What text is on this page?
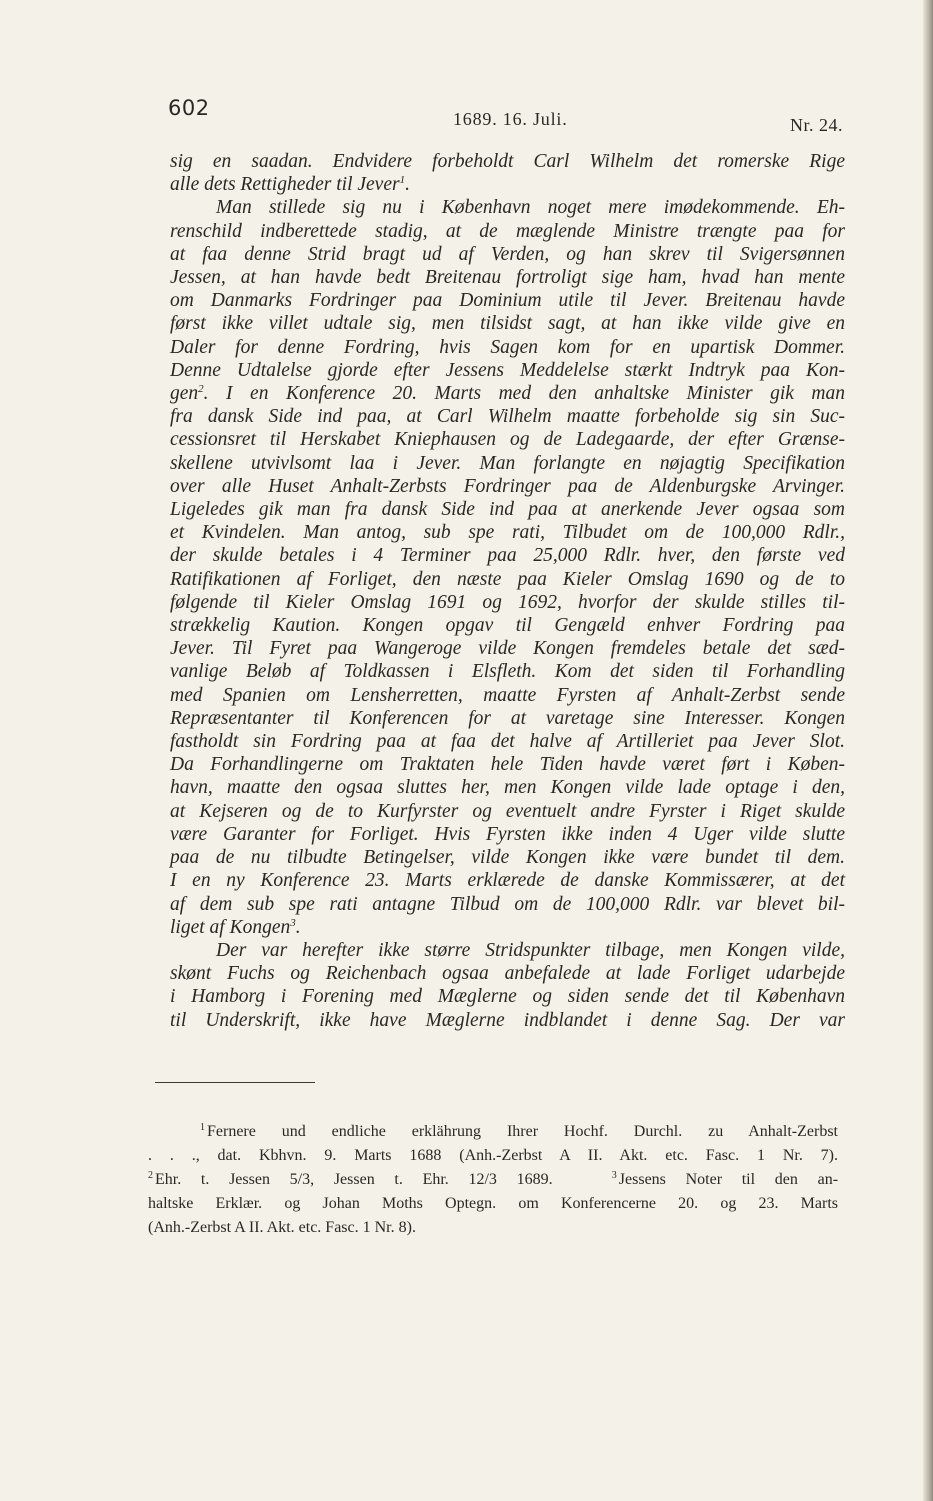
602	1689. 16. Juli.	Nr. 24.
sig en saadan. Endvidere forbeholdt Carl Wilhelm det romerske Rige
alle dets Rettigheder til Jever$^1$.
Man stillede sig nu i København noget mere imødekommende. Eh-
renschild indberettede stadig, at de mæglende Ministre trængte paa for
at faa denne Strid bragt ud af Verden, og han skrev til Svigersønnen
Jessen, at han havde bedt Breitenau fortroligt sige ham, hvad han mente
om Danmarks Fordringer paa Dominium utile til Jever. Breitenau havde
først ikke villet udtale sig, men tilsidst sagt, at han ikke vilde give en
Daler for denne Fordring, hvis Sagen kom for en upartisk Dommer.
Denne Udtalelse gjorde efter Jessens Meddelelse stærkt Indtryk paa Kon-
gen$^2$. I en Konference 20. Marts med den anhaltske Minister gik man
fra dansk Side ind paa, at Carl Wilhelm maatte forbeholde sig sin Suc-
cessionsret til Herskabet Kniephausen og de Ladegaarde, der efter Grænse-
skellene utvivlsomt laa i Jever. Man forlangte en nøjagtig Specifikation
over alle Huset Anhalt-Zerbsts Fordringer paa de Aldenburgske Arvinger.
Ligeledes gik man fra dansk Side ind paa at anerkende Jever ogsaa som
et Kvindelen. Man antog, sub spe rati, Tilbudet om de 100,000 Rdlr.,
der skulde betales i 4 Terminer paa 25,000 Rdlr. hver, den første ved
Ratifikationen af Forliget, den næste paa Kieler Omslag 1690 og de to
følgende til Kieler Omslag 1691 og 1692, hvorfor der skulde stilles til-
strækkelig Kaution. Kongen opgav til Gengæld enhver Fordring paa
Jever. Til Fyret paa Wangeroge vilde Kongen fremdeles betale det sæd-
vanlige Beløb af Toldkassen i Elsfleth. Kom det siden til Forhandling
med Spanien om Lensherretten, maatte Fyrsten af Anhalt-Zerbst sende
Repræsentanter til Konferencen for at varetage sine Interesser. Kongen
fastholdt sin Fordring paa at faa det halve af Artilleriet paa Jever Slot.
Da Forhandlingerne om Traktaten hele Tiden havde været ført i Køben-
havn, maatte den ogsaa sluttes her, men Kongen vilde lade optage i den,
at Kejseren og de to Kurfyrster og eventuelt andre Fyrster i Riget skulde
være Garanter for Forliget. Hvis Fyrsten ikke inden 4 Uger vilde slutte
paa de nu tilbudte Betingelser, vilde Kongen ikke være bundet til dem.
I en ny Konference 23. Marts erklærede de danske Kommissærer, at det
af dem sub spe rati antagne Tilbud om de 100,000 Rdlr. var blevet bil-
liget af Kongen$^3$.
Der var herefter ikke større Stridspunkter tilbage, men Kongen vilde,
skønt Fuchs og Reichenbach ogsaa anbefalede at lade Forliget udarbejde
i Hamborg i Forening med Mæglerne og siden sende det til København
til Underskrift, ikke have Mæglerne indblandet i denne Sag. Der var
$^1$ Fernere und endliche erklährung Ihrer Hochf. Durchl. zu Anhalt-Zerbst
. . ., dat. Kbhvn. 9. Marts 1688 (Anh.-Zerbst A II. Akt. etc. Fasc. 1 Nr. 7).
$^2$ Ehr. t. Jessen 5/3, Jessen t. Ehr. 12/3 1689.	$^3$ Jessens Noter til den an-
haltske Erklær. og Johan Moths Optegn. om Konferencerne 20. og 23. Marts
(Anh.-Zerbst A II. Akt. etc. Fasc. 1 Nr. 8).
